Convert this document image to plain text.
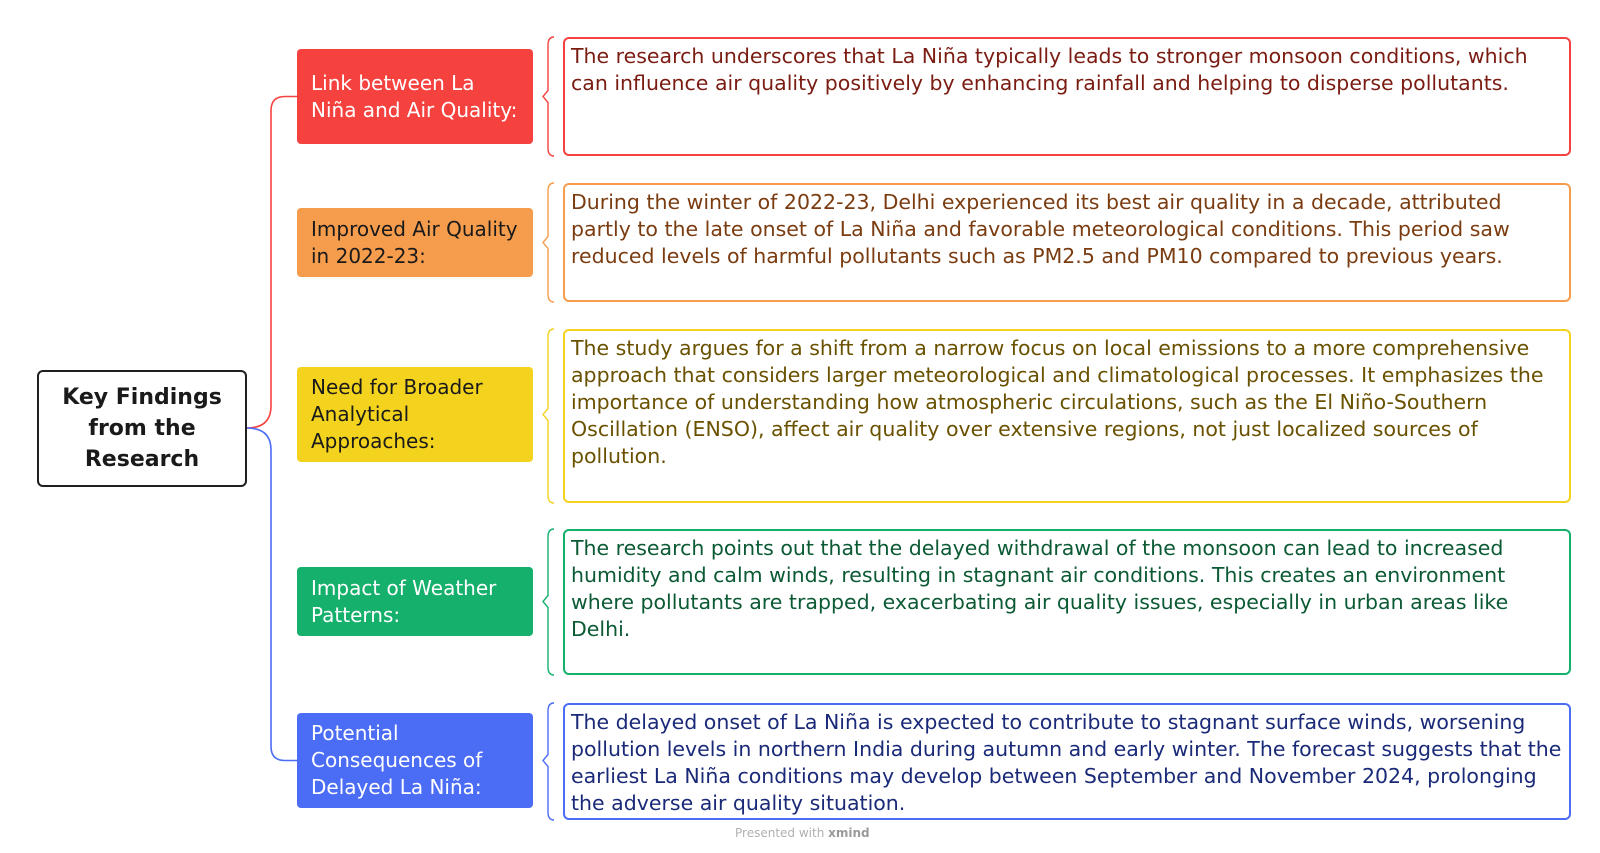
Key Findings from the Research
Link between La Niña and Air Quality:
The research underscores that La Niña typically leads to stronger monsoon conditions, which can influence air quality positively by enhancing rainfall and helping to disperse pollutants.
Improved Air Quality in 2022-23:
During the winter of 2022-23, Delhi experienced its best air quality in a decade, attributed partly to the late onset of La Niña and favorable meteorological conditions. This period saw reduced levels of harmful pollutants such as PM2.5 and PM10 compared to previous years.
Need for Broader Analytical Approaches:
The study argues for a shift from a narrow focus on local emissions to a more comprehensive approach that considers larger meteorological and climatological processes. It emphasizes the importance of understanding how atmospheric circulations, such as the El Niño-Southern Oscillation (ENSO), affect air quality over extensive regions, not just localized sources of pollution.
Impact of Weather Patterns:
The research points out that the delayed withdrawal of the monsoon can lead to increased humidity and calm winds, resulting in stagnant air conditions. This creates an environment where pollutants are trapped, exacerbating air quality issues, especially in urban areas like Delhi.
Potential Consequences of Delayed La Niña:
The delayed onset of La Niña is expected to contribute to stagnant surface winds, worsening pollution levels in northern India during autumn and early winter. The forecast suggests that the earliest La Niña conditions may develop between September and November 2024, prolonging the adverse air quality situation.
Presented with xmind
